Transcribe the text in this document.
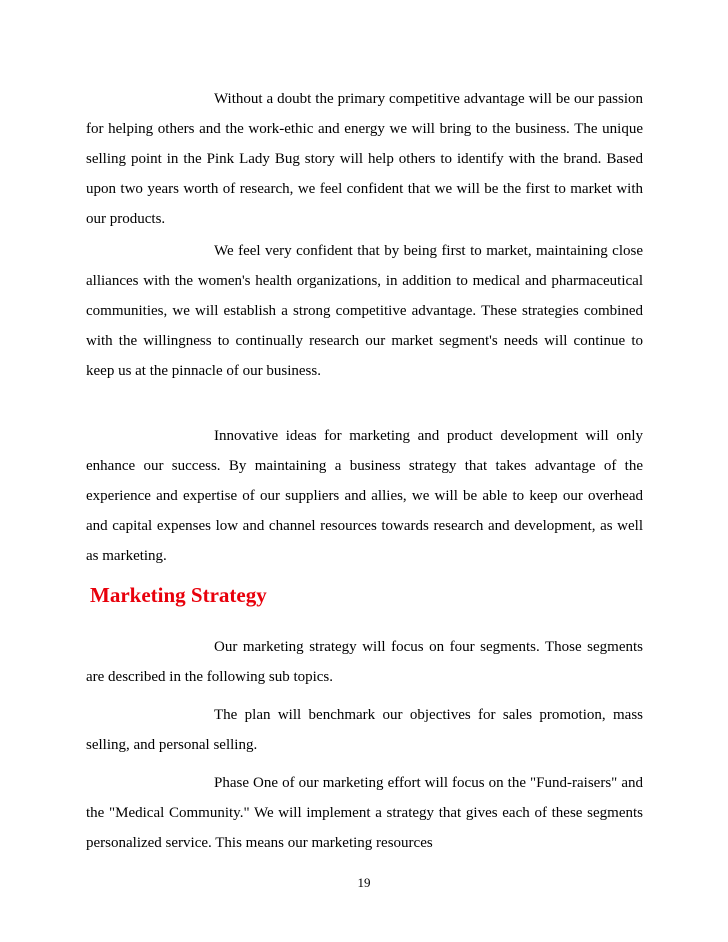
Without a doubt the primary competitive advantage will be our passion for helping others and the work-ethic and energy we will bring to the business. The unique selling point in the Pink Lady Bug story will help others to identify with the brand. Based upon two years worth of research, we feel confident that we will be the first to market with our products.

We feel very confident that by being first to market, maintaining close alliances with the women's health organizations, in addition to medical and pharmaceutical communities, we will establish a strong competitive advantage. These strategies combined with the willingness to continually research our market segment's needs will continue to keep us at the pinnacle of our business.

Innovative ideas for marketing and product development will only enhance our success. By maintaining a business strategy that takes advantage of the experience and expertise of our suppliers and allies, we will be able to keep our overhead and capital expenses low and channel resources towards research and development, as well as marketing.

Marketing Strategy

Our marketing strategy will focus on four segments. Those segments are described in the following sub topics.

The plan will benchmark our objectives for sales promotion, mass selling, and personal selling.

Phase One of our marketing effort will focus on the "Fund-raisers" and the "Medical Community." We will implement a strategy that gives each of these segments personalized service. This means our marketing resources

19
